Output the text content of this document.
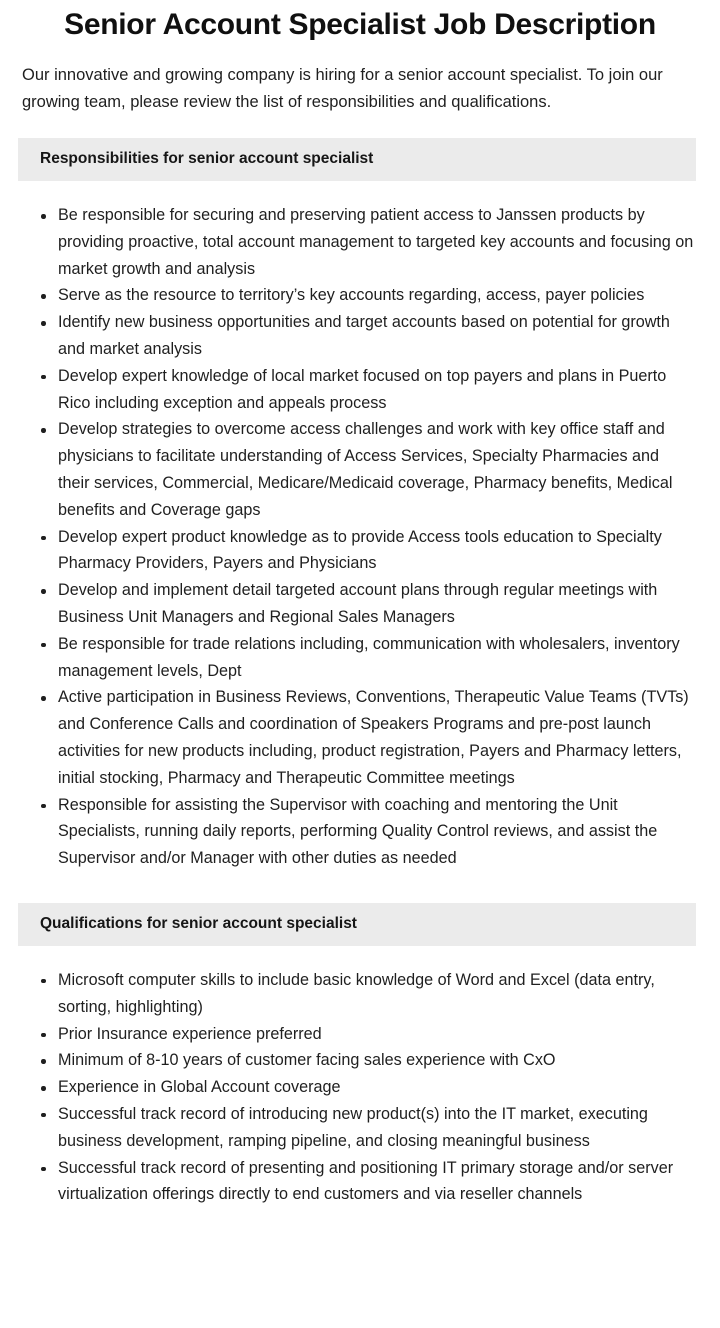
Senior Account Specialist Job Description

Our innovative and growing company is hiring for a senior account specialist. To join our growing team, please review the list of responsibilities and qualifications.

Responsibilities for senior account specialist
Be responsible for securing and preserving patient access to Janssen products by providing proactive, total account management to targeted key accounts and focusing on market growth and analysis
Serve as the resource to territory’s key accounts regarding, access, payer policies
Identify new business opportunities and target accounts based on potential for growth and market analysis
Develop expert knowledge of local market focused on top payers and plans in Puerto Rico including exception and appeals process
Develop strategies to overcome access challenges and work with key office staff and physicians to facilitate understanding of Access Services, Specialty Pharmacies and their services, Commercial, Medicare/Medicaid coverage, Pharmacy benefits, Medical benefits and Coverage gaps
Develop expert product knowledge as to provide Access tools education to Specialty Pharmacy Providers, Payers and Physicians
Develop and implement detail targeted account plans through regular meetings with Business Unit Managers and Regional Sales Managers
Be responsible for trade relations including, communication with wholesalers, inventory management levels, Dept
Active participation in Business Reviews, Conventions, Therapeutic Value Teams (TVTs) and Conference Calls and coordination of Speakers Programs and pre-post launch activities for new products including, product registration, Payers and Pharmacy letters, initial stocking, Pharmacy and Therapeutic Committee meetings
Responsible for assisting the Supervisor with coaching and mentoring the Unit Specialists, running daily reports, performing Quality Control reviews, and assist the Supervisor and/or Manager with other duties as needed
Qualifications for senior account specialist
Microsoft computer skills to include basic knowledge of Word and Excel (data entry, sorting, highlighting)
Prior Insurance experience preferred
Minimum of 8-10 years of customer facing sales experience with CxO
Experience in Global Account coverage
Successful track record of introducing new product(s) into the IT market, executing business development, ramping pipeline, and closing meaningful business
Successful track record of presenting and positioning IT primary storage and/or server virtualization offerings directly to end customers and via reseller channels
